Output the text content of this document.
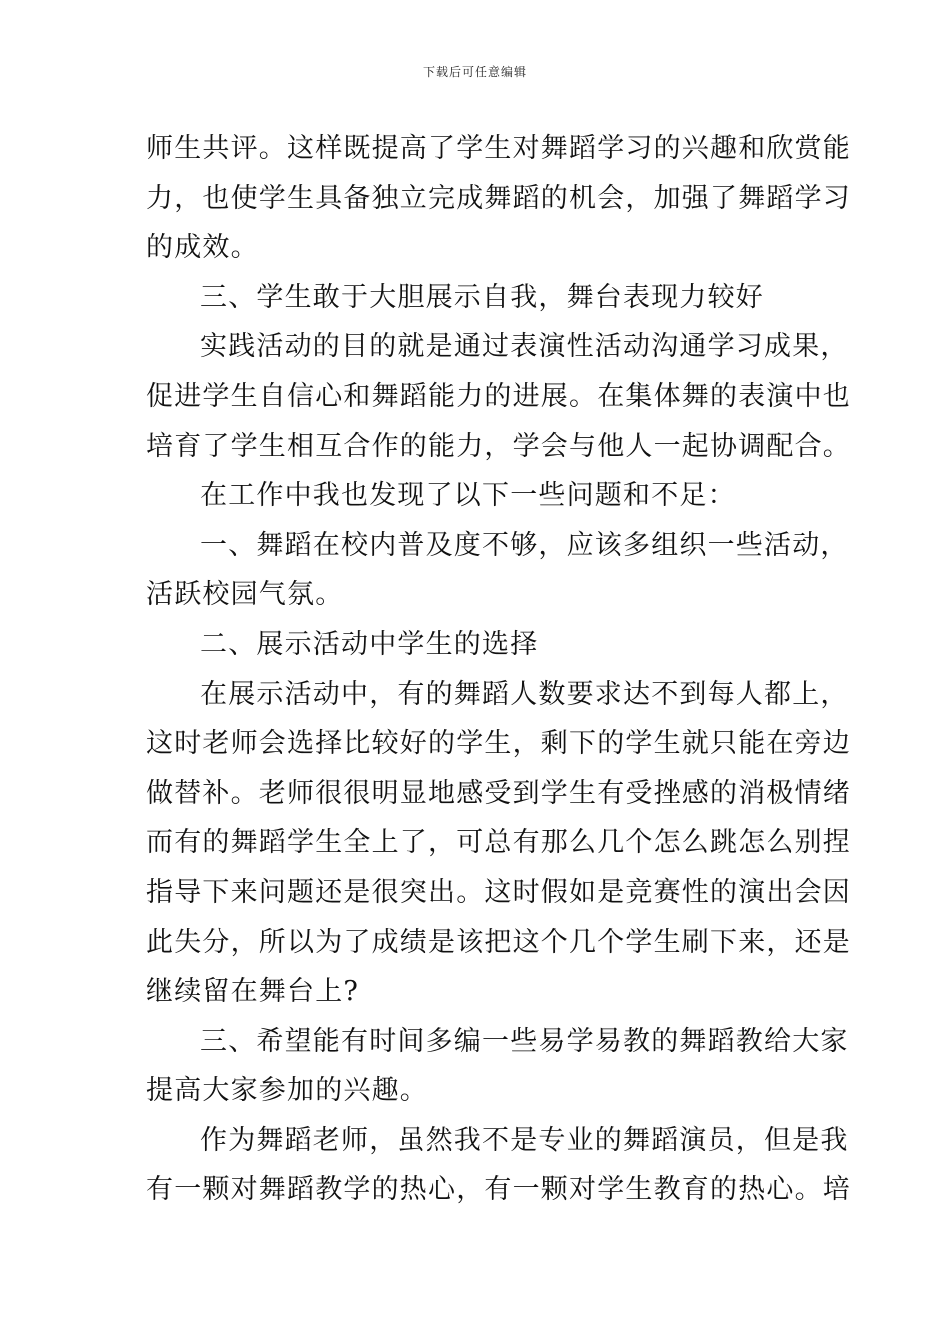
下载后可任意编辑
师生共评。这样既提高了学生对舞蹈学习的兴趣和欣赏能
力，也使学生具备独立完成舞蹈的机会，加强了舞蹈学习
的成效。
三、学生敢于大胆展示自我，舞台表现力较好
实践活动的目的就是通过表演性活动沟通学习成果，
促进学生自信心和舞蹈能力的进展。在集体舞的表演中也
培育了学生相互合作的能力，学会与他人一起协调配合。
在工作中我也发现了以下一些问题和不足：
一、舞蹈在校内普及度不够，应该多组织一些活动，
活跃校园气氛。
二、展示活动中学生的选择
在展示活动中，有的舞蹈人数要求达不到每人都上，
这时老师会选择比较好的学生，剩下的学生就只能在旁边
做替补。老师很很明显地感受到学生有受挫感的消极情绪
而有的舞蹈学生全上了，可总有那么几个怎么跳怎么别捏
指导下来问题还是很突出。这时假如是竞赛性的演出会因
此失分，所以为了成绩是该把这个几个学生刷下来，还是
继续留在舞台上?
三、希望能有时间多编一些易学易教的舞蹈教给大家
提高大家参加的兴趣。
作为舞蹈老师，虽然我不是专业的舞蹈演员，但是我
有一颗对舞蹈教学的热心，有一颗对学生教育的热心。培
